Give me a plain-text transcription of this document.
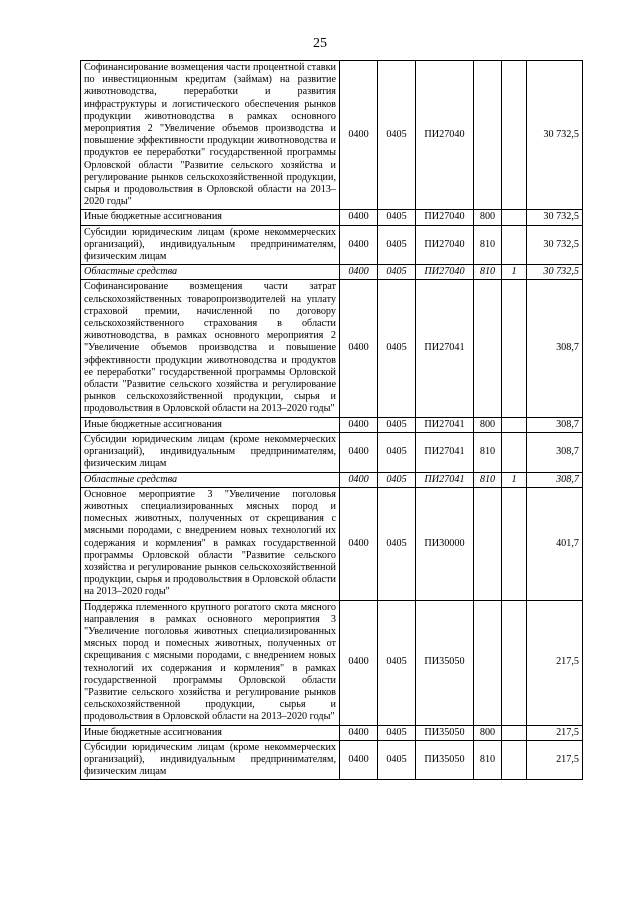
25
Софинансирование возмещения части процентной ставки по инвестиционным кредитам (займам) на развитие животноводства, переработки и развития инфраструктуры и логистического обеспечения рынков продукции животноводства в рамках основного мероприятия 2 "Увеличение объемов производства и повышение эффективности продукции животноводства и продуктов ее переработки" государственной программы Орловской области "Развитие сельского хозяйства и регулирование рынков сельскохозяйственной продукции, сырья и продовольствия в Орловской области на 2013–2020 годы"	0400	0405	ПИ27040			30 732,5
Иные бюджетные ассигнования	0400	0405	ПИ27040	800		30 732,5
Субсидии юридическим лицам (кроме некоммерческих организаций), индивидуальным предпринимателям, физическим лицам	0400	0405	ПИ27040	810		30 732,5
Областные средства	0400	0405	ПИ27040	810	1	30 732,5
Софинансирование возмещения части затрат сельскохозяйственных товаропроизводителей на уплату страховой премии, начисленной по договору сельскохозяйственного страхования в области животноводства, в рамках основного мероприятия 2 "Увеличение объемов производства и повышение эффективности продукции животноводства и продуктов ее переработки" государственной программы Орловской области "Развитие сельского хозяйства и регулирование рынков сельскохозяйственной продукции, сырья и продовольствия в Орловской области на 2013–2020 годы"	0400	0405	ПИ27041			308,7
Иные бюджетные ассигнования	0400	0405	ПИ27041	800		308,7
Субсидии юридическим лицам (кроме некоммерческих организаций), индивидуальным предпринимателям, физическим лицам	0400	0405	ПИ27041	810		308,7
Областные средства	0400	0405	ПИ27041	810	1	308,7
Основное мероприятие 3 "Увеличение поголовья животных специализированных мясных пород и помесных животных, полученных от скрещивания с мясными породами, с внедрением новых технологий их содержания и кормления" в рамках государственной программы Орловской области "Развитие сельского хозяйства и регулирование рынков сельскохозяйственной продукции, сырья и продовольствия в Орловской области на 2013–2020 годы"	0400	0405	ПИ30000			401,7
Поддержка племенного крупного рогатого скота мясного направления в рамках основного мероприятия 3 "Увеличение поголовья животных специализированных мясных пород и помесных животных, полученных от скрещивания с мясными породами, с внедрением новых технологий их содержания и кормления" в рамках государственной программы Орловской области "Развитие сельского хозяйства и регулирование рынков сельскохозяйственной продукции, сырья и продовольствия в Орловской области на 2013–2020 годы"	0400	0405	ПИ35050			217,5
Иные бюджетные ассигнования	0400	0405	ПИ35050	800		217,5
Субсидии юридическим лицам (кроме некоммерческих организаций), индивидуальным предпринимателям, физическим лицам	0400	0405	ПИ35050	810		217,5
